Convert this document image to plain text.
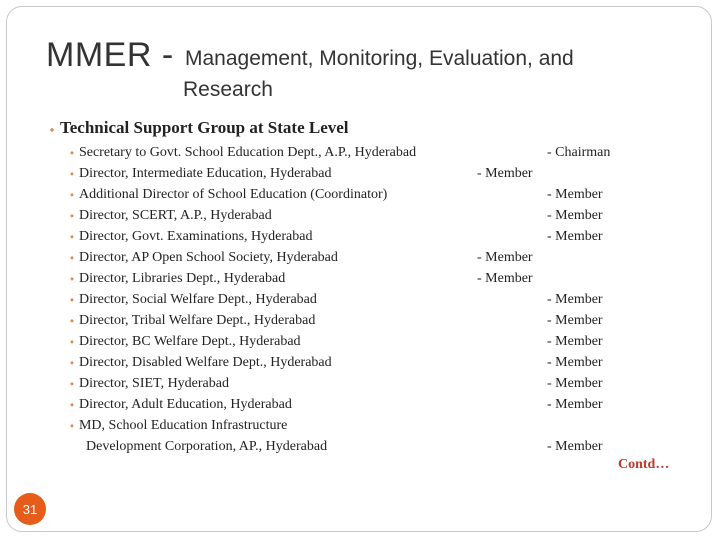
MMER - Management, Monitoring, Evaluation, and
Research
⬩ Technical Support Group at State Level
⬩ Secretary to Govt. School Education Dept., A.P., Hyderabad	- Chairman
⬩ Director, Intermediate Education, Hyderabad	- Member
⬩ Additional Director of School Education (Coordinator)	- Member
⬩ Director, SCERT, A.P., Hyderabad	- Member
⬩ Director, Govt. Examinations, Hyderabad	- Member
⬩ Director, AP Open School Society, Hyderabad	- Member
⬩ Director, Libraries Dept., Hyderabad	- Member
⬩ Director, Social Welfare Dept., Hyderabad	- Member
⬩ Director, Tribal Welfare Dept., Hyderabad	- Member
⬩ Director, BC Welfare Dept., Hyderabad	- Member
⬩ Director, Disabled Welfare Dept., Hyderabad	- Member
⬩ Director, SIET, Hyderabad	- Member
⬩ Director, Adult Education, Hyderabad	- Member
⬩ MD, School Education Infrastructure
Development Corporation, AP., Hyderabad	- Member
Contd…
31
